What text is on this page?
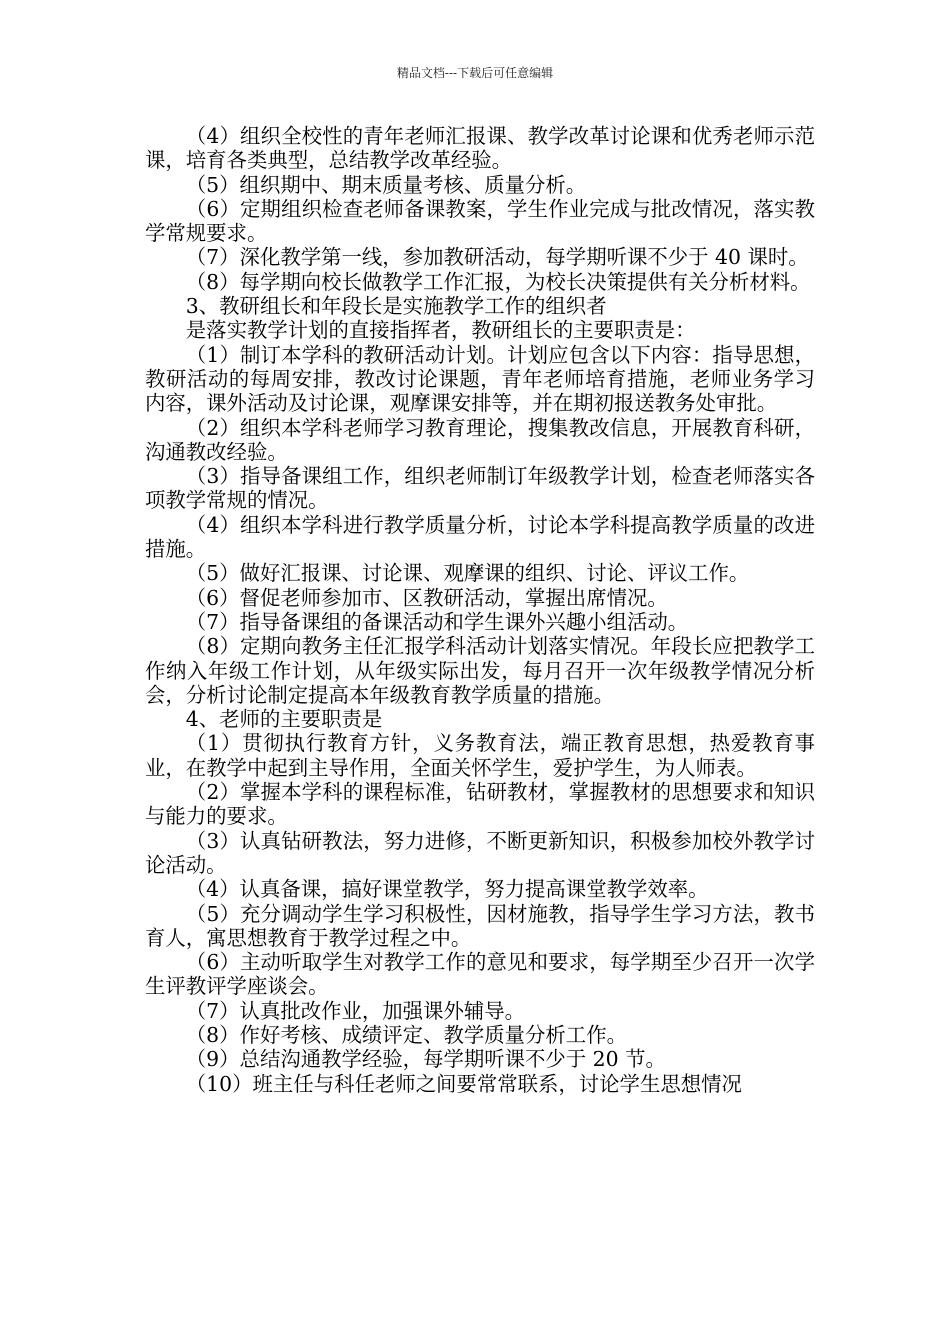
精品文档---下载后可任意编辑

（4）组织全校性的青年老师汇报课、教学改革讨论课和优秀老师示范课，培育各类典型，总结教学改革经验。

（5）组织期中、期末质量考核、质量分析。

（6）定期组织检查老师备课教案，学生作业完成与批改情况，落实教学常规要求。

（7）深化教学第一线，参加教研活动，每学期听课不少于 40 课时。

（8）每学期向校长做教学工作汇报，为校长决策提供有关分析材料。

3、教研组长和年段长是实施教学工作的组织者

是落实教学计划的直接指挥者，教研组长的主要职责是：

（1）制订本学科的教研活动计划。计划应包含以下内容：指导思想，教研活动的每周安排，教改讨论课题，青年老师培育措施，老师业务学习内容，课外活动及讨论课，观摩课安排等，并在期初报送教务处审批。

（2）组织本学科老师学习教育理论，搜集教改信息，开展教育科研，沟通教改经验。

（3）指导备课组工作，组织老师制订年级教学计划，检查老师落实各项教学常规的情况。

（4）组织本学科进行教学质量分析，讨论本学科提高教学质量的改进措施。

（5）做好汇报课、讨论课、观摩课的组织、讨论、评议工作。

（6）督促老师参加市、区教研活动，掌握出席情况。

（7）指导备课组的备课活动和学生课外兴趣小组活动。

（8）定期向教务主任汇报学科活动计划落实情况。年段长应把教学工作纳入年级工作计划，从年级实际出发，每月召开一次年级教学情况分析会，分析讨论制定提高本年级教育教学质量的措施。

4、老师的主要职责是

（1）贯彻执行教育方针，义务教育法，端正教育思想，热爱教育事业，在教学中起到主导作用，全面关怀学生，爱护学生，为人师表。

（2）掌握本学科的课程标准，钻研教材，掌握教材的思想要求和知识与能力的要求。

（3）认真钻研教法，努力进修，不断更新知识，积极参加校外教学讨论活动。

（4）认真备课，搞好课堂教学，努力提高课堂教学效率。

（5）充分调动学生学习积极性，因材施教，指导学生学习方法，教书育人，寓思想教育于教学过程之中。

（6）主动听取学生对教学工作的意见和要求，每学期至少召开一次学生评教评学座谈会。

（7）认真批改作业，加强课外辅导。

（8）作好考核、成绩评定、教学质量分析工作。

（9）总结沟通教学经验，每学期听课不少于 20 节。

（10）班主任与科任老师之间要常常联系，讨论学生思想情况
